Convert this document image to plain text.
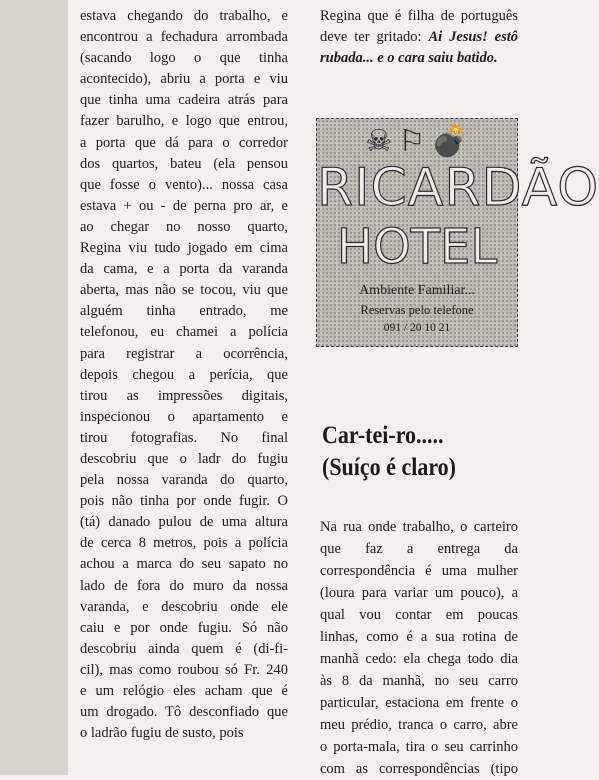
estava chegando do trabalho, e
encontrou a fechadura arrombada
(sacando logo o que tinha
acontecido), abriu a porta e viu
que tinha uma cadeira atrás para
fazer barulho, e logo que entrou,
a porta que dá para o corredor
dos quartos, bateu (ela pensou
que fosse o vento)... nossa casa
estava + ou - de perna pro ar, e
ao chegar no nosso quarto,
Regina viu tudo jogado em cima
da cama, e a porta da varanda
aberta, mas não se tocou, viu que
alguém tinha entrado, me
telefonou, eu chamei a polícia
para registrar a ocorrência,
depois chegou a perícia, que
tirou as impressões digitais,
inspecionou o apartamento e
tirou fotografias. No final
descobriu que o ladr do fugiu
pela nossa varanda do quarto,
pois não tinha por onde fugir. O
(tá) danado pulou de uma altura
de cerca 8 metros, pois a polícia
achou a marca do seu sapato no
lado de fora do muro da nossa
varanda, e descobriu onde ele
caiu e por onde fugiu. Só não
descobriu ainda quem é (di-fi-
cil), mas como roubou só Fr. 240
e um relógio eles acham que é
um drogado. Tô desconfiado que
o ladrão fugiu de susto, pois
Regina que é filha de português
deve ter gritado: Ai Jesus! estô
rubada... e o cara saiu batido.
☠ ⚐ 💣
RICARDÃO
HOTEL
Ambiente Familiar...
Reservas pelo telefone
091 / 20 10 21
Car-tei-ro.....
(Suíço é claro)
Na rua onde trabalho, o carteiro
que faz a entrega da
correspondência é uma mulher
(loura para variar um pouco), a
qual vou contar em poucas
linhas, como é a sua rotina de
manhã cedo: ela chega todo dia
às 8 da manhã, no seu carro
particular, estaciona em frente o
meu prédio, tranca o carro, abre
o porta-mala, tira o seu carrinho
com as correspondências (tipo
